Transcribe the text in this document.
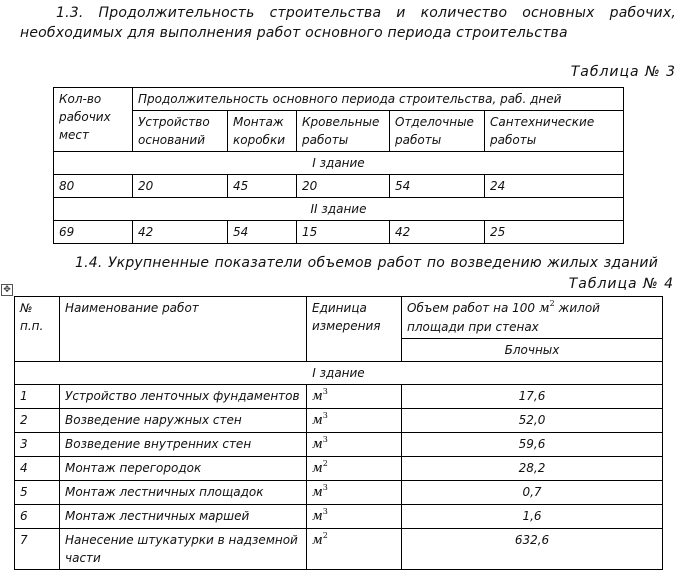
1.3. Продолжительность строительства и количество основных рабочих,
необходимых для выполнения работ основного периода строительства
Таблица № 3
Кол-во рабочих мест	Продолжительность основного периода строительства, раб. дней				
	Устройство оснований	Монтаж коробки	Кровельные работы	Отделочные работы	Сантехнические работы
I здание					
80	20	45	20	54	24
II здание					
69	42	54	15	42	25
1.4. Укрупненные показатели объемов работ по возведению жилых зданий
Таблица № 4
✥
№ п.п.	Наименование работ	Единица измерения	Объем работ на 100 $м^2$ жилой площади при стенах
			Блочных
I здание			
1	Устройство ленточных фундаментов	$м^3$	17,6
2	Возведение наружных стен	$м^3$	52,0
3	Возведение внутренних стен	$м^3$	59,6
4	Монтаж перегородок	$м^2$	28,2
5	Монтаж лестничных площадок	$м^3$	0,7
6	Монтаж лестничных маршей	$м^3$	1,6
7	Нанесение штукатурки в надземной части	$м^2$	632,6
